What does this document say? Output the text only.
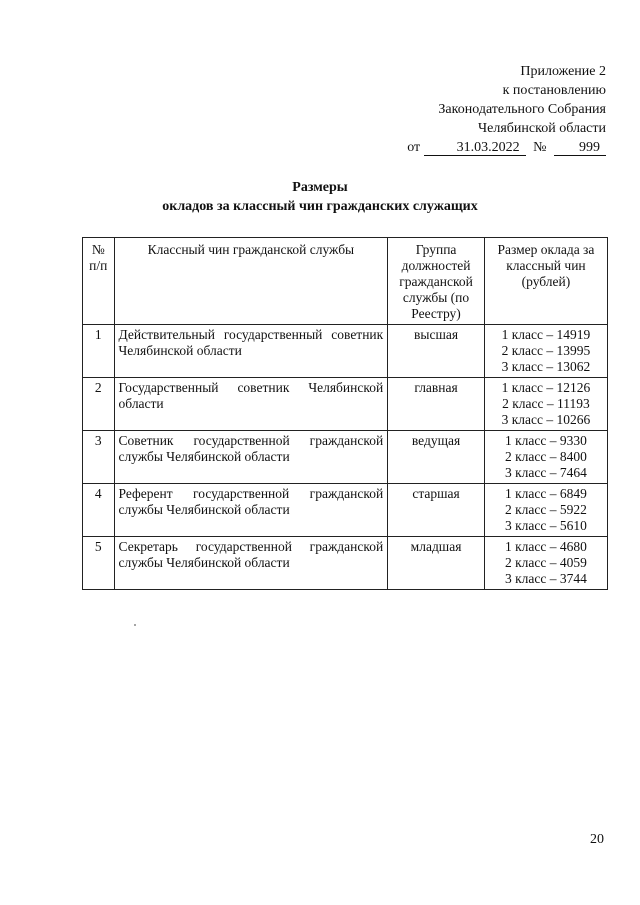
Приложение 2
к постановлению
Законодательного Собрания
Челябинской области
от	31.03.2022 № 999
Размеры
окладов за классный чин гражданских служащих
№ п/п	Классный чин гражданской службы	Группа должностей гражданской службы (по Реестру)	Размер оклада за классный чин (рублей)
1	Действительный государственный советник Челябинской области	высшая	1 класс – 14919
2 класс – 13995
3 класс – 13062

2	Государственный советник Челябинской области	главная	1 класс – 12126
2 класс – 11193
3 класс – 10266

3	Советник государственной гражданской службы Челябинской области	ведущая	1 класс – 9330
2 класс – 8400
3 класс – 7464

4	Референт государственной гражданской службы Челябинской области	старшая	1 класс – 6849
2 класс – 5922
3 класс – 5610

5	Секретарь государственной гражданской службы Челябинской области	младшая	1 класс – 4680
2 класс – 4059
3 класс – 3744
20
